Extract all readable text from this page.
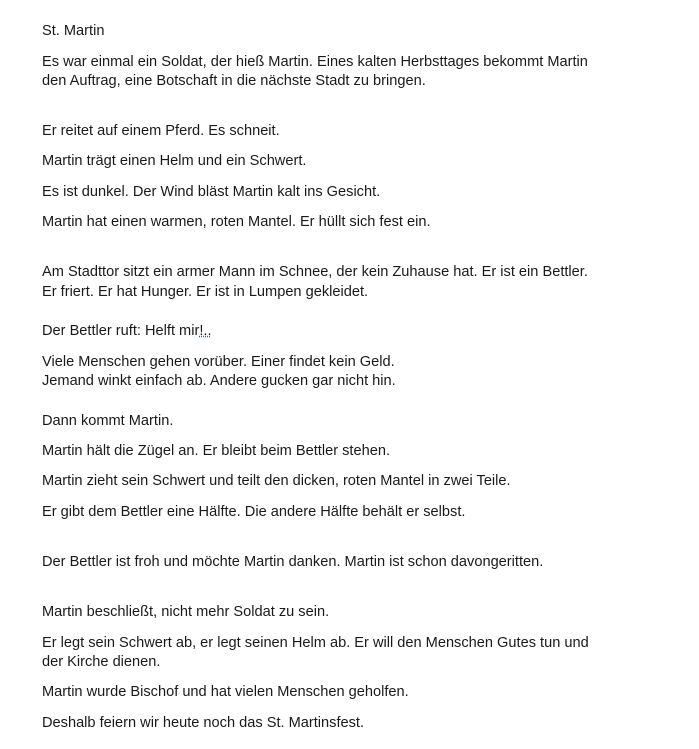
St. Martin
Es war einmal ein Soldat, der hieß Martin. Eines kalten Herbsttages bekommt Martin
den Auftrag, eine Botschaft in die nächste Stadt zu bringen.
Er reitet auf einem Pferd. Es schneit.
Martin trägt einen Helm und ein Schwert.
Es ist dunkel. Der Wind bläst Martin kalt ins Gesicht.
Martin hat einen warmen, roten Mantel. Er hüllt sich fest ein.
Am Stadttor sitzt ein armer Mann im Schnee, der kein Zuhause hat. Er ist ein Bettler.
Er friert. Er hat Hunger. Er ist in Lumpen gekleidet.
Der Bettler ruft: Helft mir!..
Viele Menschen gehen vorüber. Einer findet kein Geld.
Jemand winkt einfach ab. Andere gucken gar nicht hin.
Dann kommt Martin.
Martin hält die Zügel an. Er bleibt beim Bettler stehen.
Martin zieht sein Schwert und teilt den dicken, roten Mantel in zwei Teile.
Er gibt dem Bettler eine Hälfte. Die andere Hälfte behält er selbst.
Der Bettler ist froh und möchte Martin danken. Martin ist schon davongeritten.
Martin beschließt, nicht mehr Soldat zu sein.
Er legt sein Schwert ab, er legt seinen Helm ab. Er will den Menschen Gutes tun und
der Kirche dienen.
Martin wurde Bischof und hat vielen Menschen geholfen.
Deshalb feiern wir heute noch das St. Martinsfest.
